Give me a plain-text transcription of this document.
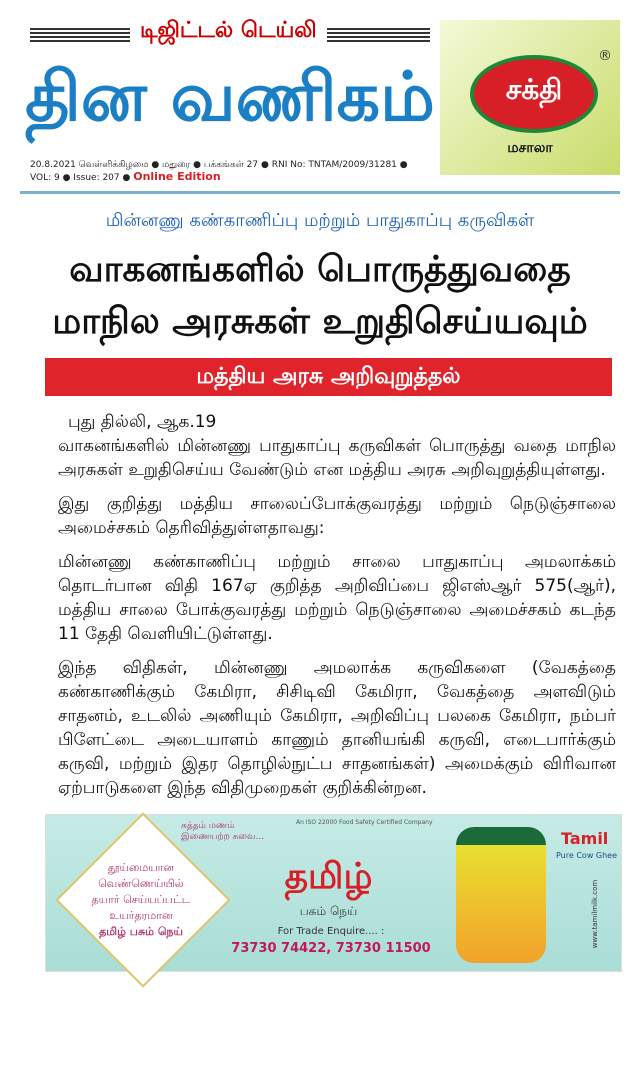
டிஜிட்டல் டெய்லி
தின வணிகம்	சக்தி
®
மசாலா
20.8.2021 வெள்ளிக்கிழமை ● மதுரை ● பக்கங்கள் 27 ● RNI No: TNTAM/2009/31281 ● VOL: 9 ● Issue: 207 ● Online Edition
மின்னணு கண்காணிப்பு மற்றும் பாதுகாப்பு கருவிகள்
வாகனங்களில் பொருத்துவதை
மாநில அரசுகள் உறுதிசெய்யவும்
மத்திய அரசு அறிவுறுத்தல்

புது தில்லி, ஆக.19

வாகனங்களில் மின்னணு பாதுகாப்பு கருவிகள் பொருத்து வதை மாநில அரசுகள் உறுதிசெய்ய வேண்டும் என மத்திய அரசு அறிவுறுத்தியுள்ளது.

இது குறித்து மத்திய சாலைப்போக்குவரத்து மற்றும் நெடுஞ்சாலை அமைச்சகம் தெரிவித்துள்ளதாவது:

மின்னணு கண்காணிப்பு மற்றும் சாலை பாதுகாப்பு அமலாக்கம் தொடர்பான விதி 167ஏ குறித்த அறிவிப்பை ஜிஎஸ்ஆர் 575(ஆர்), மத்திய சாலை போக்குவரத்து மற்றும் நெடுஞ்சாலை அமைச்சகம் கடந்த 11 தேதி வெளியிட்டுள்ளது.

இந்த விதிகள், மின்னணு அமலாக்க கருவிகளை (வேகத்தை கண்காணிக்கும் கேமிரா, சிசிடிவி கேமிரா, வேகத்தை அளவிடும் சாதனம், உடலில் அணியும் கேமிரா, அறிவிப்பு பலகை கேமிரா, நம்பர் பிளேட்டை அடையாளம் காணும் தானியங்கி கருவி, எடைபார்க்கும் கருவி, மற்றும் இதர தொழில்நுட்ப சாதனங்கள்) அமைக்கும் விரிவான ஏற்பாடுகளை இந்த விதிமுறைகள் குறிக்கின்றன.

தூய்மையான
வெண்ணெய்யில்
தயார் செய்யப்பட்ட
உயர்தரமான
தமிழ் பசும் நெய்
சுத்தம் மணம் இணையற்ற சுவை...
An ISO 22000 Food Safety Certified Company
தமிழ்
பசும் நெய்
For Trade Enquire.... :
73730 74422, 73730 11500
Tamil
Pure Cow Ghee
www.tamilmilk.com
